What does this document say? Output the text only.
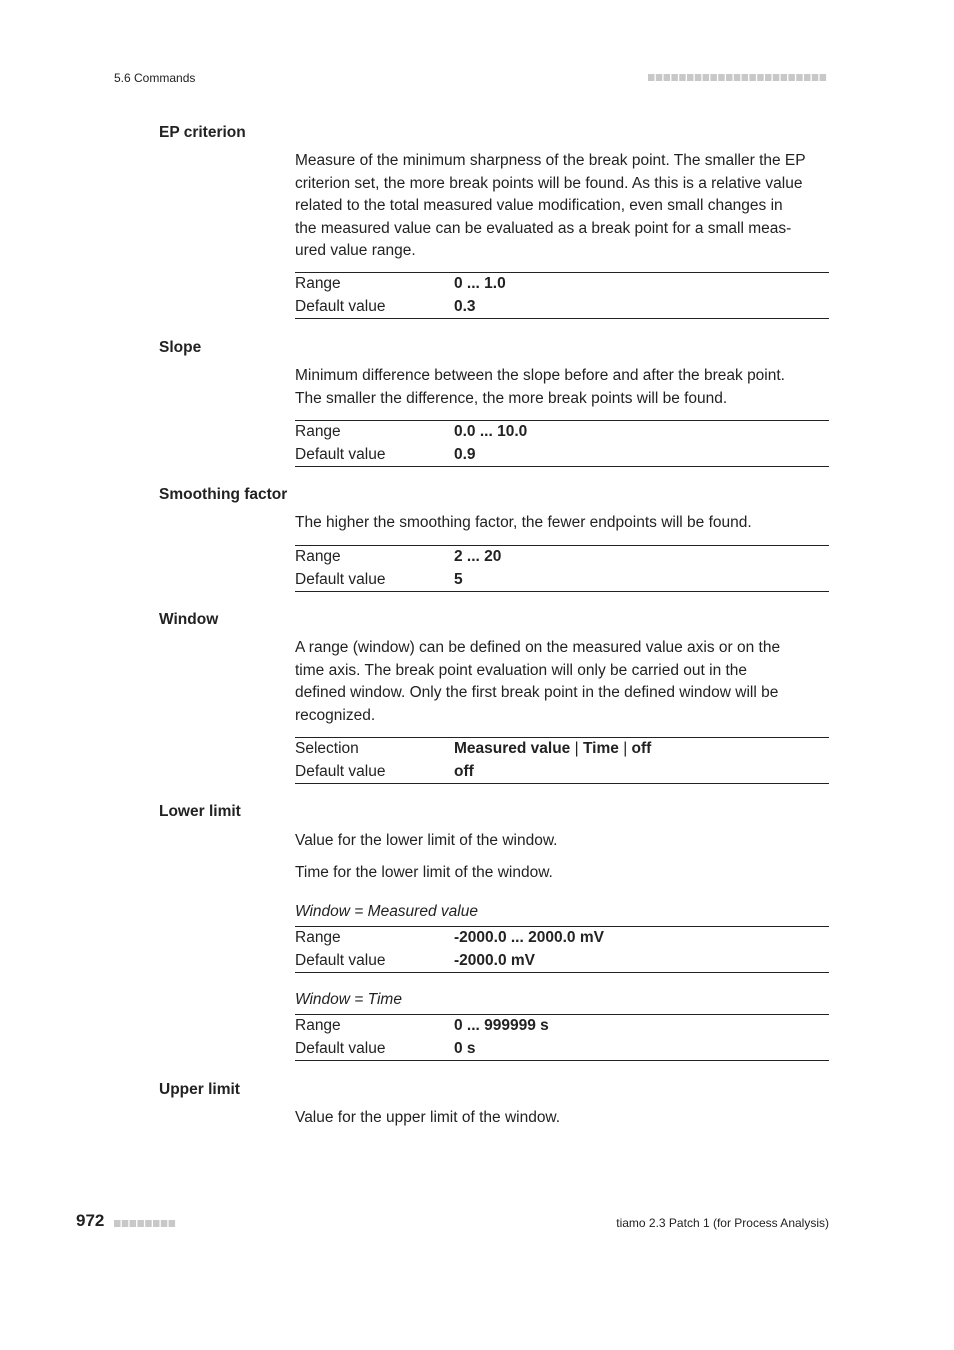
5.6 Commands
EP criterion
Measure of the minimum sharpness of the break point. The smaller the EP
criterion set, the more break points will be found. As this is a relative value
related to the total measured value modification, even small changes in
the measured value can be evaluated as a break point for a small meas-
ured value range.
Range	0 ... 1.0
Default value	0.3
Slope
Minimum difference between the slope before and after the break point.
The smaller the difference, the more break points will be found.
Range	0.0 ... 10.0
Default value	0.9
Smoothing factor
The higher the smoothing factor, the fewer endpoints will be found.
Range	2 ... 20
Default value	5
Window
A range (window) can be defined on the measured value axis or on the
time axis. The break point evaluation will only be carried out in the
defined window. Only the first break point in the defined window will be
recognized.
Selection	Measured value | Time | off
Default value	off
Lower limit
Value for the lower limit of the window.
Time for the lower limit of the window.
Window = Measured value
Range	-2000.0 ... 2000.0 mV
Default value	-2000.0 mV
Window = Time
Range	0 ... 999999 s
Default value	0 s
Upper limit
Value for the upper limit of the window.
972	tiamo 2.3 Patch 1 (for Process Analysis)
